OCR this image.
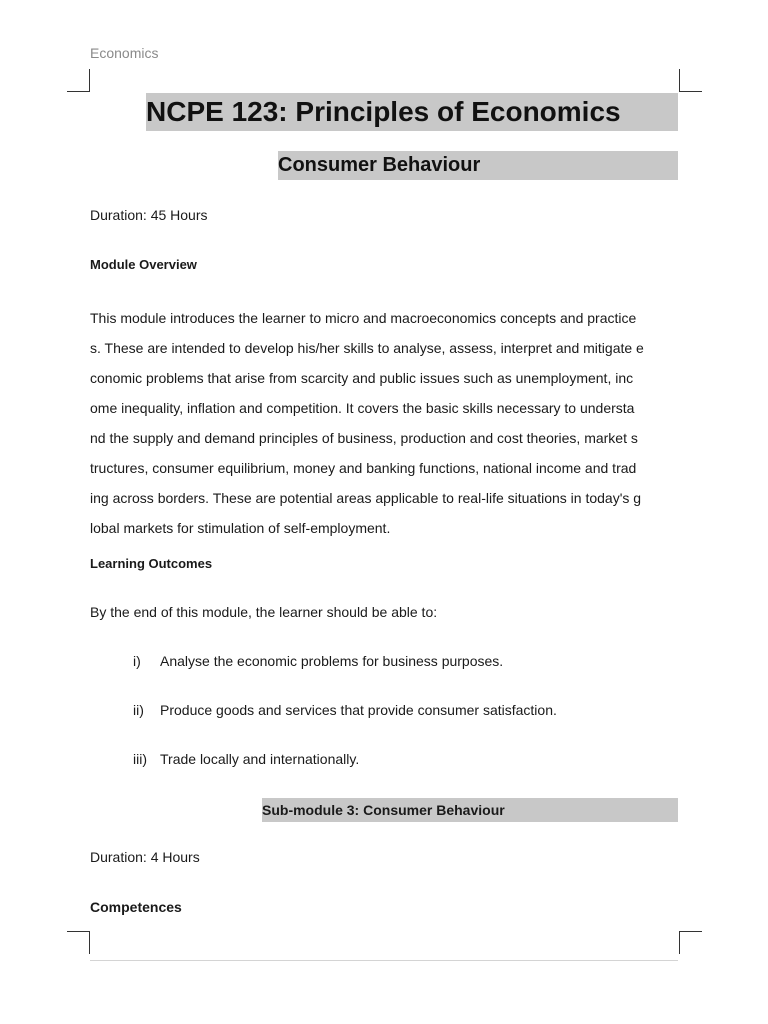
Economics
NCPE 123: Principles of Economics
Consumer Behaviour
Duration: 45 Hours
Module Overview
This module introduces the learner to micro and macroeconomics concepts and practice
s. These are intended to develop his/her skills to analyse, assess, interpret and mitigate e
conomic problems that arise from scarcity and public issues such as unemployment, inc
ome inequality, inflation and competition. It covers the basic skills necessary to understa
nd the supply and demand principles of business, production and cost theories, market s
tructures, consumer equilibrium, money and banking functions, national income and trad
ing across borders. These are potential areas applicable to real-life situations in today's g
lobal markets for stimulation of self-employment.
Learning Outcomes
By the end of this module, the learner should be able to:
i) Analyse the economic problems for business purposes.
ii) Produce goods and services that provide consumer satisfaction.
iii) Trade locally and internationally.
Sub-module 3: Consumer Behaviour
Duration: 4 Hours
Competences
